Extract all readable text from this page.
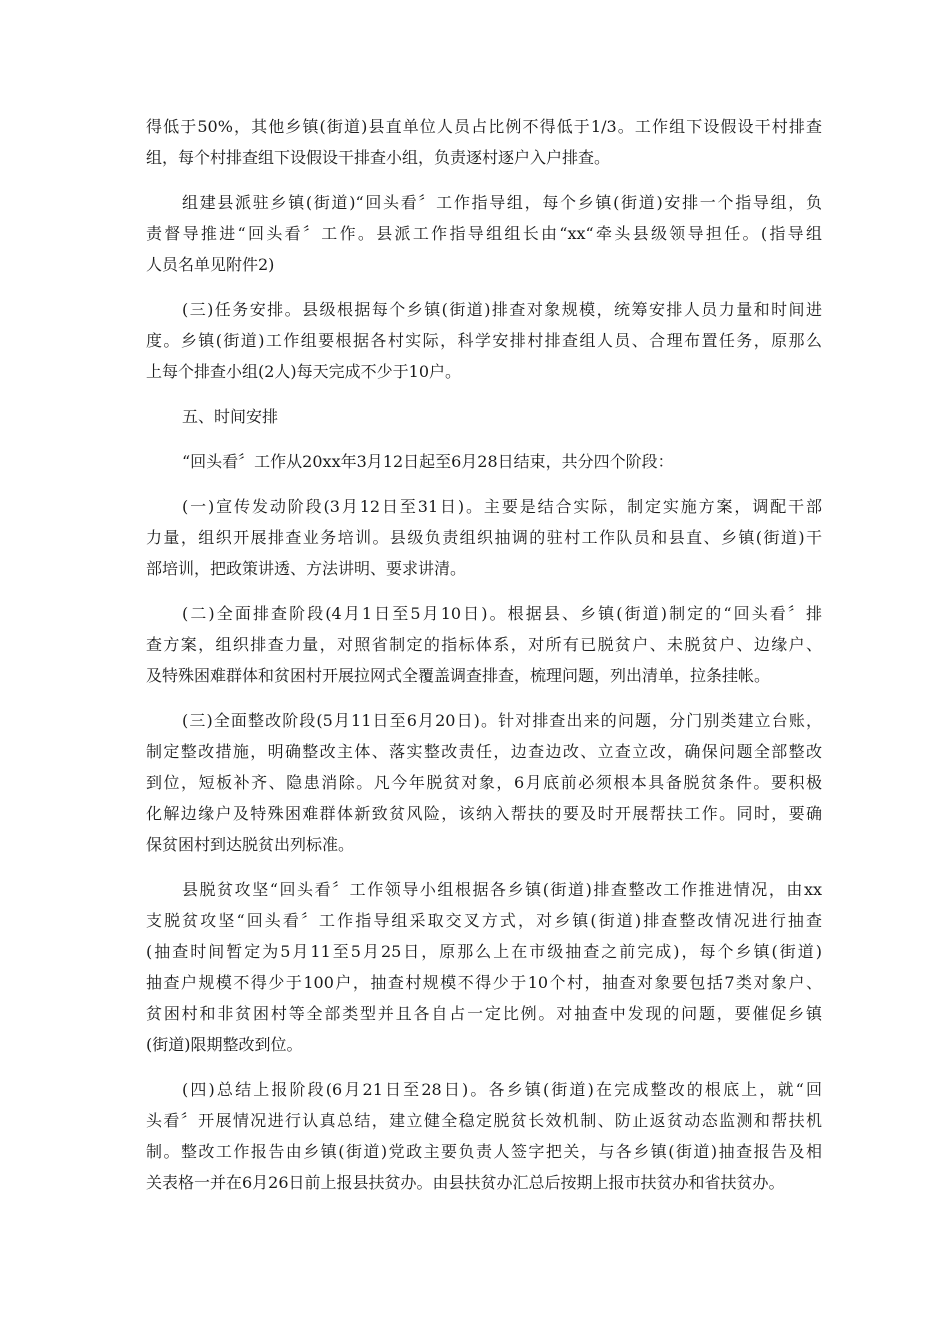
得低于50%，其他乡镇(街道)县直单位人员占比例不得低于1/3。工作组下设假设干村排查
组，每个村排查组下设假设干排查小组，负责逐村逐户入户排查。
组建县派驻乡镇(街道)“回头看〞工作指导组，每个乡镇(街道)安排一个指导组，负
责督导推进“回头看〞工作。县派工作指导组组长由“xx“牵头县级领导担任。(指导组
人员名单见附件2)
(三)任务安排。县级根据每个乡镇(街道)排查对象规模，统筹安排人员力量和时间进
度。乡镇(街道)工作组要根据各村实际，科学安排村排查组人员、合理布置任务，原那么
上每个排查小组(2人)每天完成不少于10户。
五、时间安排
“回头看〞工作从20xx年3月12日起至6月28日结束，共分四个阶段：
(一)宣传发动阶段(3月12日至31日)。主要是结合实际，制定实施方案，调配干部
力量，组织开展排查业务培训。县级负责组织抽调的驻村工作队员和县直、乡镇(街道)干
部培训，把政策讲透、方法讲明、要求讲清。
(二)全面排查阶段(4月1日至5月10日)。根据县、乡镇(街道)制定的“回头看〞排
查方案，组织排查力量，对照省制定的指标体系，对所有已脱贫户、未脱贫户、边缘户、
及特殊困难群体和贫困村开展拉网式全覆盖调查排查，梳理问题，列出清单，拉条挂帐。
(三)全面整改阶段(5月11日至6月20日)。针对排查出来的问题，分门别类建立台账，
制定整改措施，明确整改主体、落实整改责任，边查边改、立查立改，确保问题全部整改
到位，短板补齐、隐患消除。凡今年脱贫对象，6月底前必须根本具备脱贫条件。要积极
化解边缘户及特殊困难群体新致贫风险，该纳入帮扶的要及时开展帮扶工作。同时，要确
保贫困村到达脱贫出列标准。
县脱贫攻坚“回头看〞工作领导小组根据各乡镇(街道)排查整改工作推进情况，由xx
支脱贫攻坚“回头看〞工作指导组采取交叉方式，对乡镇(街道)排查整改情况进行抽查
(抽查时间暂定为5月11至5月25日，原那么上在市级抽查之前完成)，每个乡镇(街道)
抽查户规模不得少于100户，抽查村规模不得少于10个村，抽查对象要包括7类对象户、
贫困村和非贫困村等全部类型并且各自占一定比例。对抽查中发现的问题，要催促乡镇
(街道)限期整改到位。
(四)总结上报阶段(6月21日至28日)。各乡镇(街道)在完成整改的根底上，就“回
头看〞开展情况进行认真总结，建立健全稳定脱贫长效机制、防止返贫动态监测和帮扶机
制。整改工作报告由乡镇(街道)党政主要负责人签字把关，与各乡镇(街道)抽查报告及相
关表格一并在6月26日前上报县扶贫办。由县扶贫办汇总后按期上报市扶贫办和省扶贫办。
